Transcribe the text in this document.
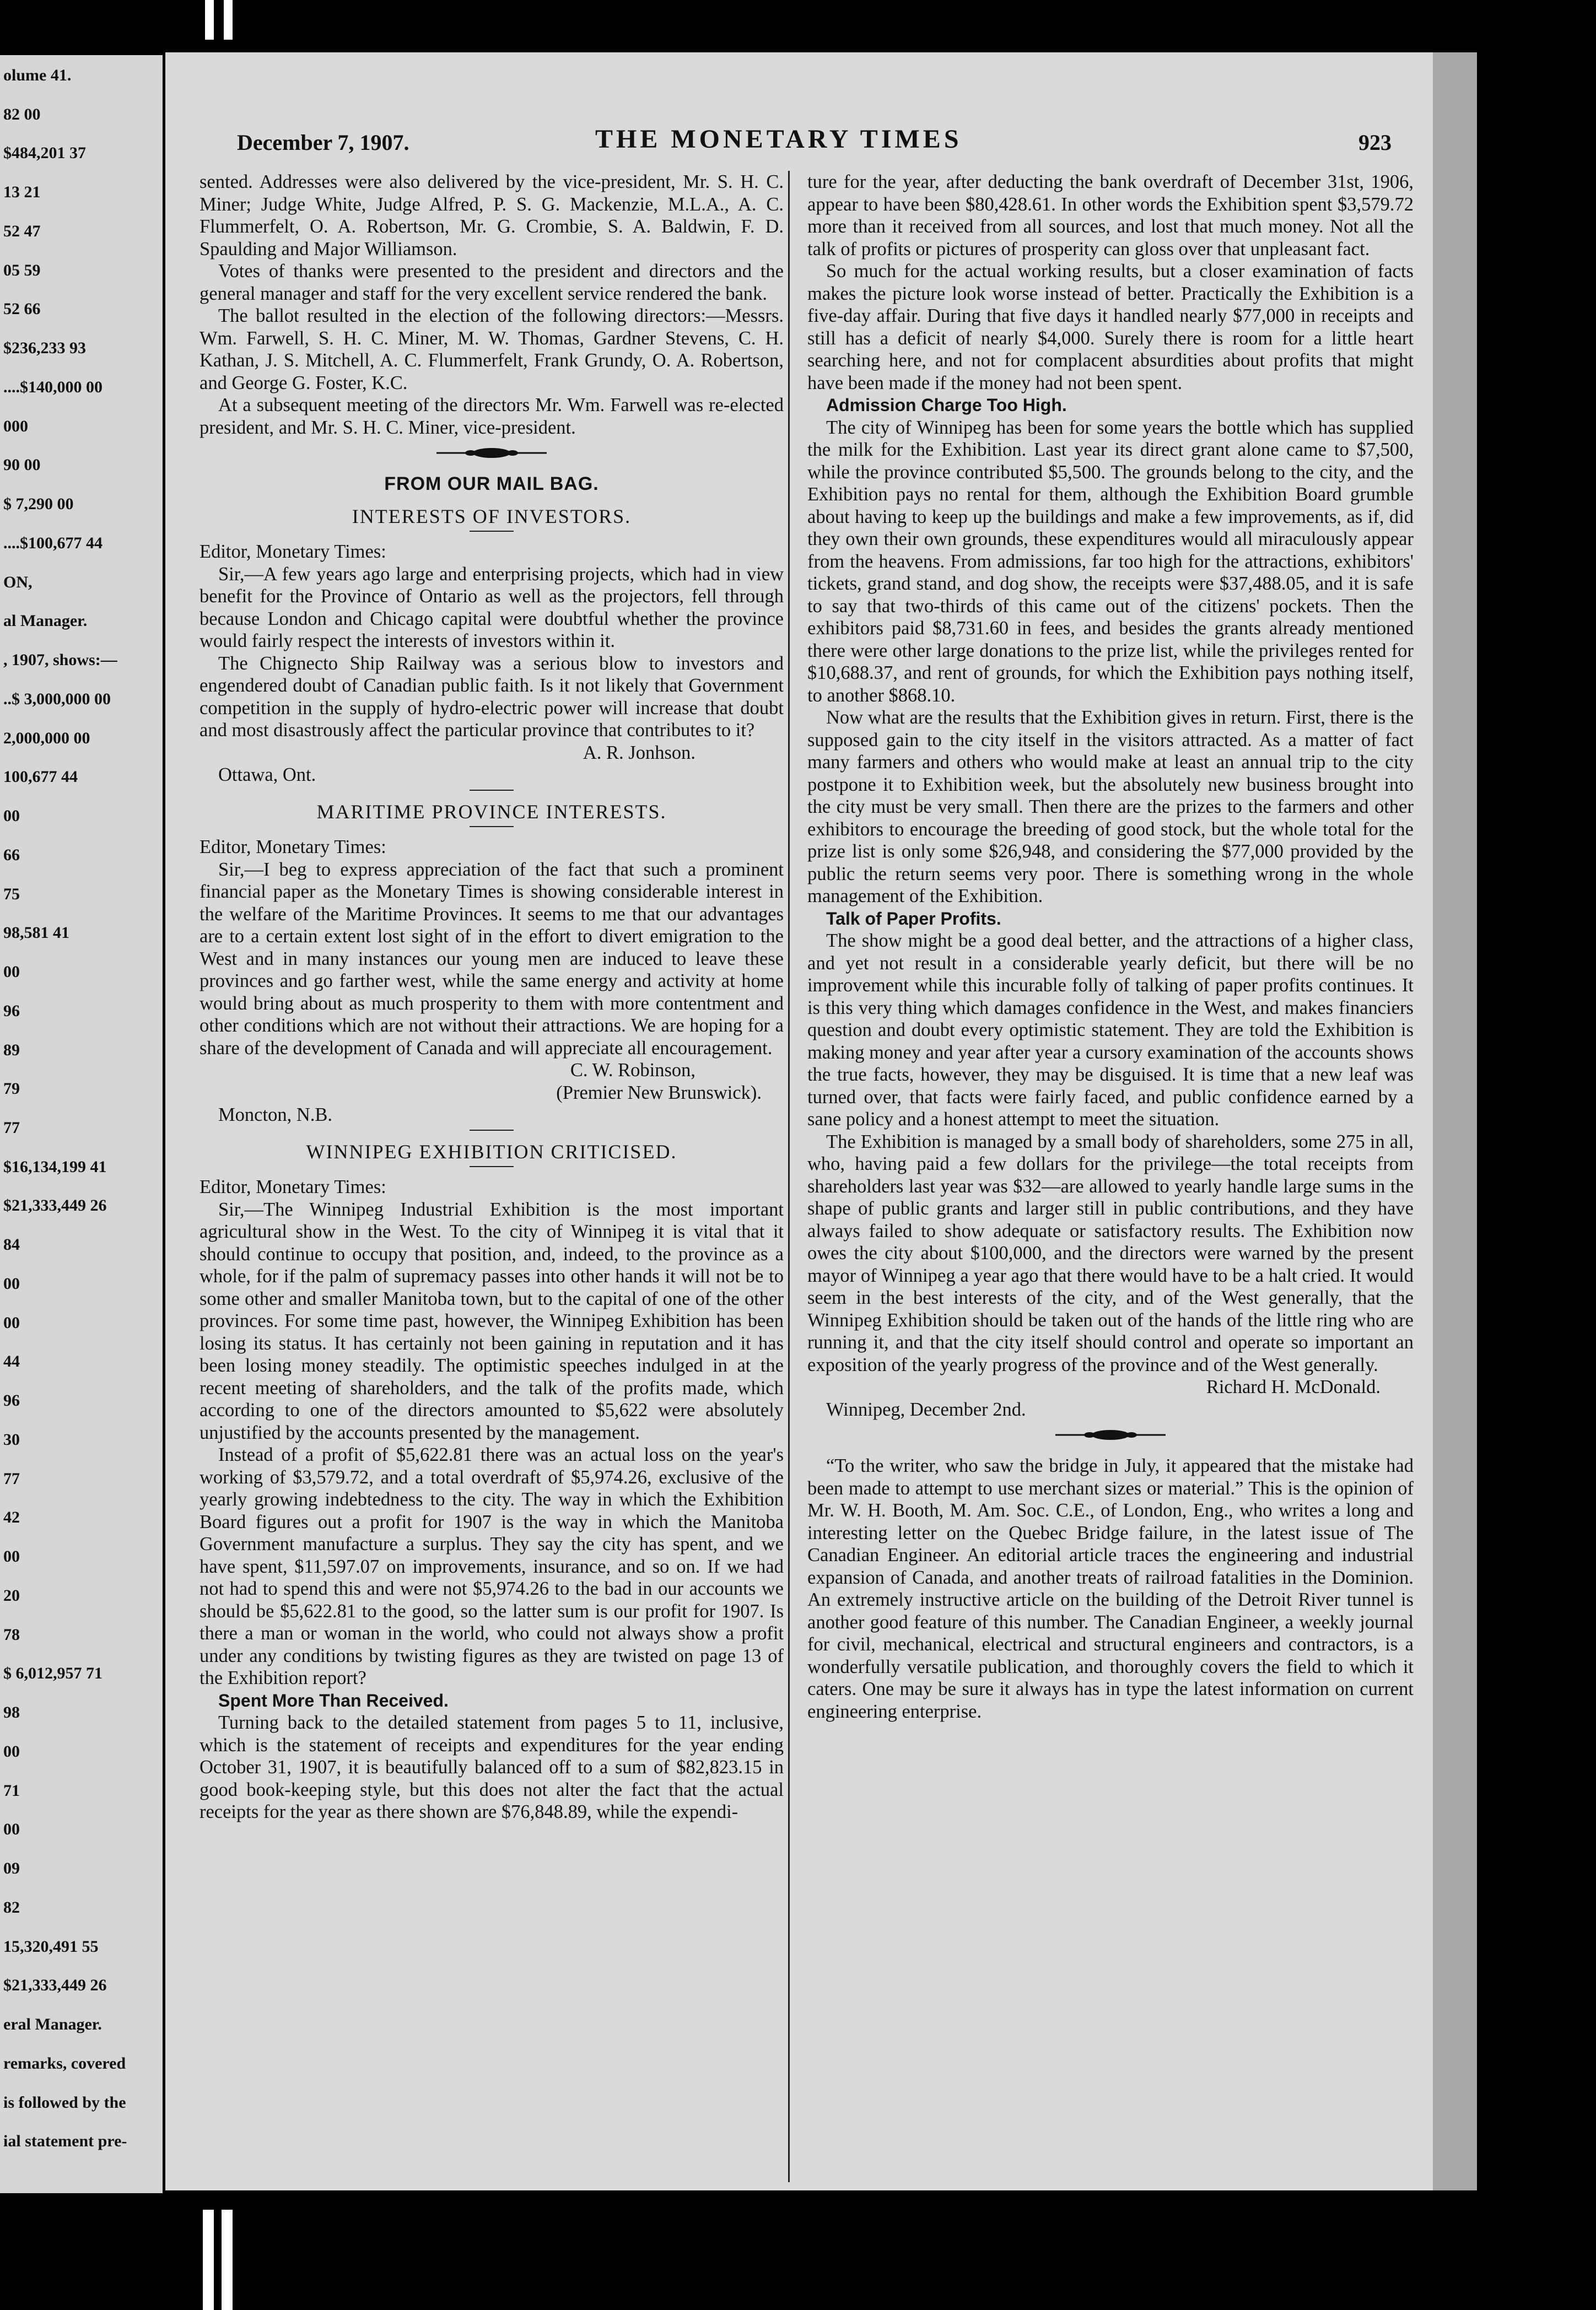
olume 41.
82 00
$484,201 37
13 21
52 47
05 59
52 66
$236,233 93
....$140,000 00
000
90 00
$ 7,290 00
....$100,677 44
ON,
al Manager.
, 1907, shows:—
..$ 3,000,000 00
2,000,000 00
100,677 44
00
66
75
98,581 41
00
96
89
79
77
$16,134,199 41
$21,333,449 26
84
00
00
44
96
30
77
42
00
20
78
$ 6,012,957 71
98
00
71
00
09
82
15,320,491 55
$21,333,449 26
eral Manager.
remarks, covered
is followed by the
ial statement pre-
December 7, 1907.	THE MONETARY TIMES	923

sented. Addresses were also delivered by the vice-president, Mr. S. H. C. Miner; Judge White, Judge Alfred, P. S. G. Mackenzie, M.L.A., A. C. Flummerfelt, O. A. Robertson, Mr. G. Crombie, S. A. Baldwin, F. D. Spaulding and Major Williamson.

Votes of thanks were presented to the president and directors and the general manager and staff for the very excellent service rendered the bank.

The ballot resulted in the election of the following directors:—Messrs. Wm. Farwell, S. H. C. Miner, M. W. Thomas, Gardner Stevens, C. H. Kathan, J. S. Mitchell, A. C. Flummerfelt, Frank Grundy, O. A. Robertson, and George G. Foster, K.C.

At a subsequent meeting of the directors Mr. Wm. Farwell was re-elected president, and Mr. S. H. C. Miner, vice-president.

FROM OUR MAIL BAG.
INTERESTS OF INVESTORS.

Editor, Monetary Times:

Sir,—A few years ago large and enterprising projects, which had in view benefit for the Province of Ontario as well as the projectors, fell through because London and Chicago capital were doubtful whether the province would fairly respect the interests of investors within it.

The Chignecto Ship Railway was a serious blow to investors and engendered doubt of Canadian public faith. Is it not likely that Government competition in the supply of hydro-electric power will increase that doubt and most disastrously affect the particular province that contributes to it?

A. R. Jonhson.

Ottawa, Ont.

MARITIME PROVINCE INTERESTS.

Editor, Monetary Times:

Sir,—I beg to express appreciation of the fact that such a prominent financial paper as the Monetary Times is showing considerable interest in the welfare of the Maritime Provinces. It seems to me that our advantages are to a certain extent lost sight of in the effort to divert emigration to the West and in many instances our young men are induced to leave these provinces and go farther west, while the same energy and activity at home would bring about as much prosperity to them with more contentment and other conditions which are not without their attractions. We are hoping for a share of the development of Canada and will appreciate all encouragement.

C. W. Robinson,

(Premier New Brunswick).

Moncton, N.B.

WINNIPEG EXHIBITION CRITICISED.

Editor, Monetary Times:

Sir,—The Winnipeg Industrial Exhibition is the most important agricultural show in the West. To the city of Winnipeg it is vital that it should continue to occupy that position, and, indeed, to the province as a whole, for if the palm of supremacy passes into other hands it will not be to some other and smaller Manitoba town, but to the capital of one of the other provinces. For some time past, however, the Winnipeg Exhibition has been losing its status. It has certainly not been gaining in reputation and it has been losing money steadily. The optimistic speeches indulged in at the recent meeting of shareholders, and the talk of the profits made, which according to one of the directors amounted to $5,622 were absolutely unjustified by the accounts presented by the management.

Instead of a profit of $5,622.81 there was an actual loss on the year's working of $3,579.72, and a total overdraft of $5,974.26, exclusive of the yearly growing indebtedness to the city. The way in which the Exhibition Board figures out a profit for 1907 is the way in which the Manitoba Government manufacture a surplus. They say the city has spent, and we have spent, $11,597.07 on improvements, insurance, and so on. If we had not had to spend this and were not $5,974.26 to the bad in our accounts we should be $5,622.81 to the good, so the latter sum is our profit for 1907. Is there a man or woman in the world, who could not always show a profit under any conditions by twisting figures as they are twisted on page 13 of the Exhibition report?

Spent More Than Received.

Turning back to the detailed statement from pages 5 to 11, inclusive, which is the statement of receipts and expenditures for the year ending October 31, 1907, it is beautifully balanced off to a sum of $82,823.15 in good book-keeping style, but this does not alter the fact that the actual receipts for the year as there shown are $76,848.89, while the expendi-

ture for the year, after deducting the bank overdraft of December 31st, 1906, appear to have been $80,428.61. In other words the Exhibition spent $3,579.72 more than it received from all sources, and lost that much money. Not all the talk of profits or pictures of prosperity can gloss over that unpleasant fact.

So much for the actual working results, but a closer examination of facts makes the picture look worse instead of better. Practically the Exhibition is a five-day affair. During that five days it handled nearly $77,000 in receipts and still has a deficit of nearly $4,000. Surely there is room for a little heart searching here, and not for complacent absurdities about profits that might have been made if the money had not been spent.

Admission Charge Too High.

The city of Winnipeg has been for some years the bottle which has supplied the milk for the Exhibition. Last year its direct grant alone came to $7,500, while the province contributed $5,500. The grounds belong to the city, and the Exhibition pays no rental for them, although the Exhibition Board grumble about having to keep up the buildings and make a few improvements, as if, did they own their own grounds, these expenditures would all miraculously appear from the heavens. From admissions, far too high for the attractions, exhibitors' tickets, grand stand, and dog show, the receipts were $37,488.05, and it is safe to say that two-thirds of this came out of the citizens' pockets. Then the exhibitors paid $8,731.60 in fees, and besides the grants already mentioned there were other large donations to the prize list, while the privileges rented for $10,688.37, and rent of grounds, for which the Exhibition pays nothing itself, to another $868.10.

Now what are the results that the Exhibition gives in return. First, there is the supposed gain to the city itself in the visitors attracted. As a matter of fact many farmers and others who would make at least an annual trip to the city postpone it to Exhibition week, but the absolutely new business brought into the city must be very small. Then there are the prizes to the farmers and other exhibitors to encourage the breeding of good stock, but the whole total for the prize list is only some $26,948, and considering the $77,000 provided by the public the return seems very poor. There is something wrong in the whole management of the Exhibition.

Talk of Paper Profits.

The show might be a good deal better, and the attractions of a higher class, and yet not result in a considerable yearly deficit, but there will be no improvement while this incurable folly of talking of paper profits continues. It is this very thing which damages confidence in the West, and makes financiers question and doubt every optimistic statement. They are told the Exhibition is making money and year after year a cursory examination of the accounts shows the true facts, however, they may be disguised. It is time that a new leaf was turned over, that facts were fairly faced, and public confidence earned by a sane policy and a honest attempt to meet the situation.

The Exhibition is managed by a small body of shareholders, some 275 in all, who, having paid a few dollars for the privilege—the total receipts from shareholders last year was $32—are allowed to yearly handle large sums in the shape of public grants and larger still in public contributions, and they have always failed to show adequate or satisfactory results. The Exhibition now owes the city about $100,000, and the directors were warned by the present mayor of Winnipeg a year ago that there would have to be a halt cried. It would seem in the best interests of the city, and of the West generally, that the Winnipeg Exhibition should be taken out of the hands of the little ring who are running it, and that the city itself should control and operate so important an exposition of the yearly progress of the province and of the West generally.

Richard H. McDonald.

Winnipeg, December 2nd.

“To the writer, who saw the bridge in July, it appeared that the mistake had been made to attempt to use merchant sizes or material.” This is the opinion of Mr. W. H. Booth, M. Am. Soc. C.E., of London, Eng., who writes a long and interesting letter on the Quebec Bridge failure, in the latest issue of The Canadian Engineer. An editorial article traces the engineering and industrial expansion of Canada, and another treats of railroad fatalities in the Dominion. An extremely instructive article on the building of the Detroit River tunnel is another good feature of this number. The Canadian Engineer, a weekly journal for civil, mechanical, electrical and structural engineers and contractors, is a wonderfully versatile publication, and thoroughly covers the field to which it caters. One may be sure it always has in type the latest information on current engineering enterprise.
